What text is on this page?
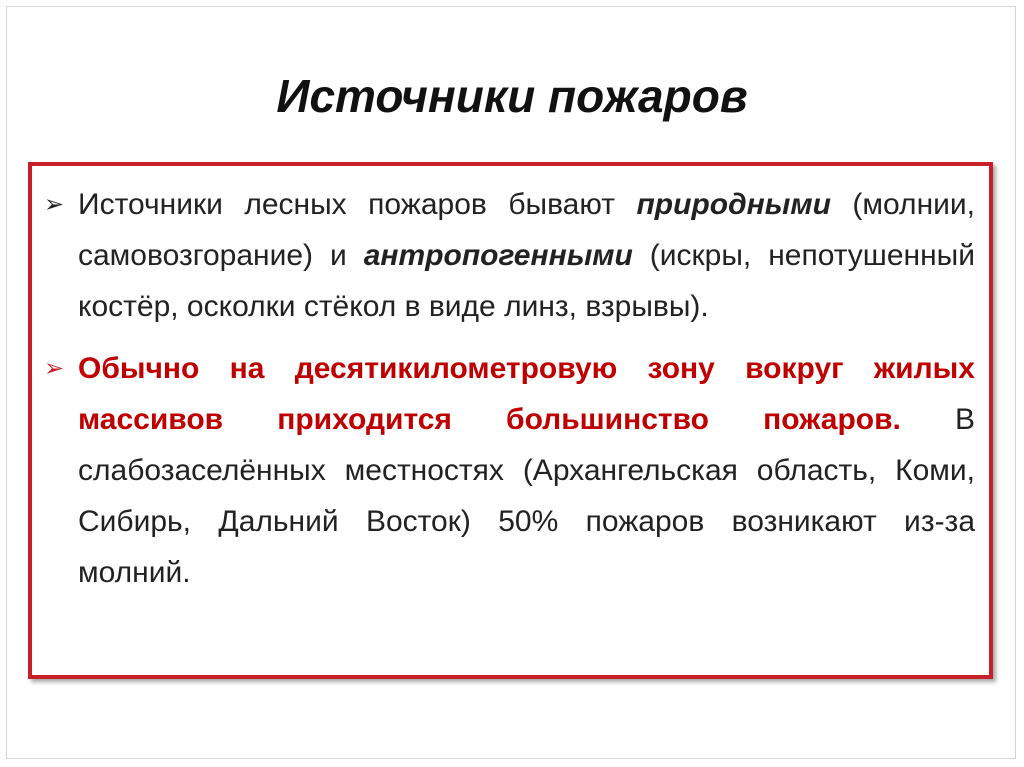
Источники пожаров
➢ Источники лесных пожаров бывают природными (молнии, самовозгорание) и антропогенными (искры, непотушенный костёр, осколки стёкол в виде линз, взрывы).
➢ Обычно на десятикилометровую зону вокруг жилых массивов приходится большинство пожаров. В слабозаселённых местностях (Архангельская область, Коми, Сибирь, Дальний Восток) 50% пожаров возникают из-за молний.
